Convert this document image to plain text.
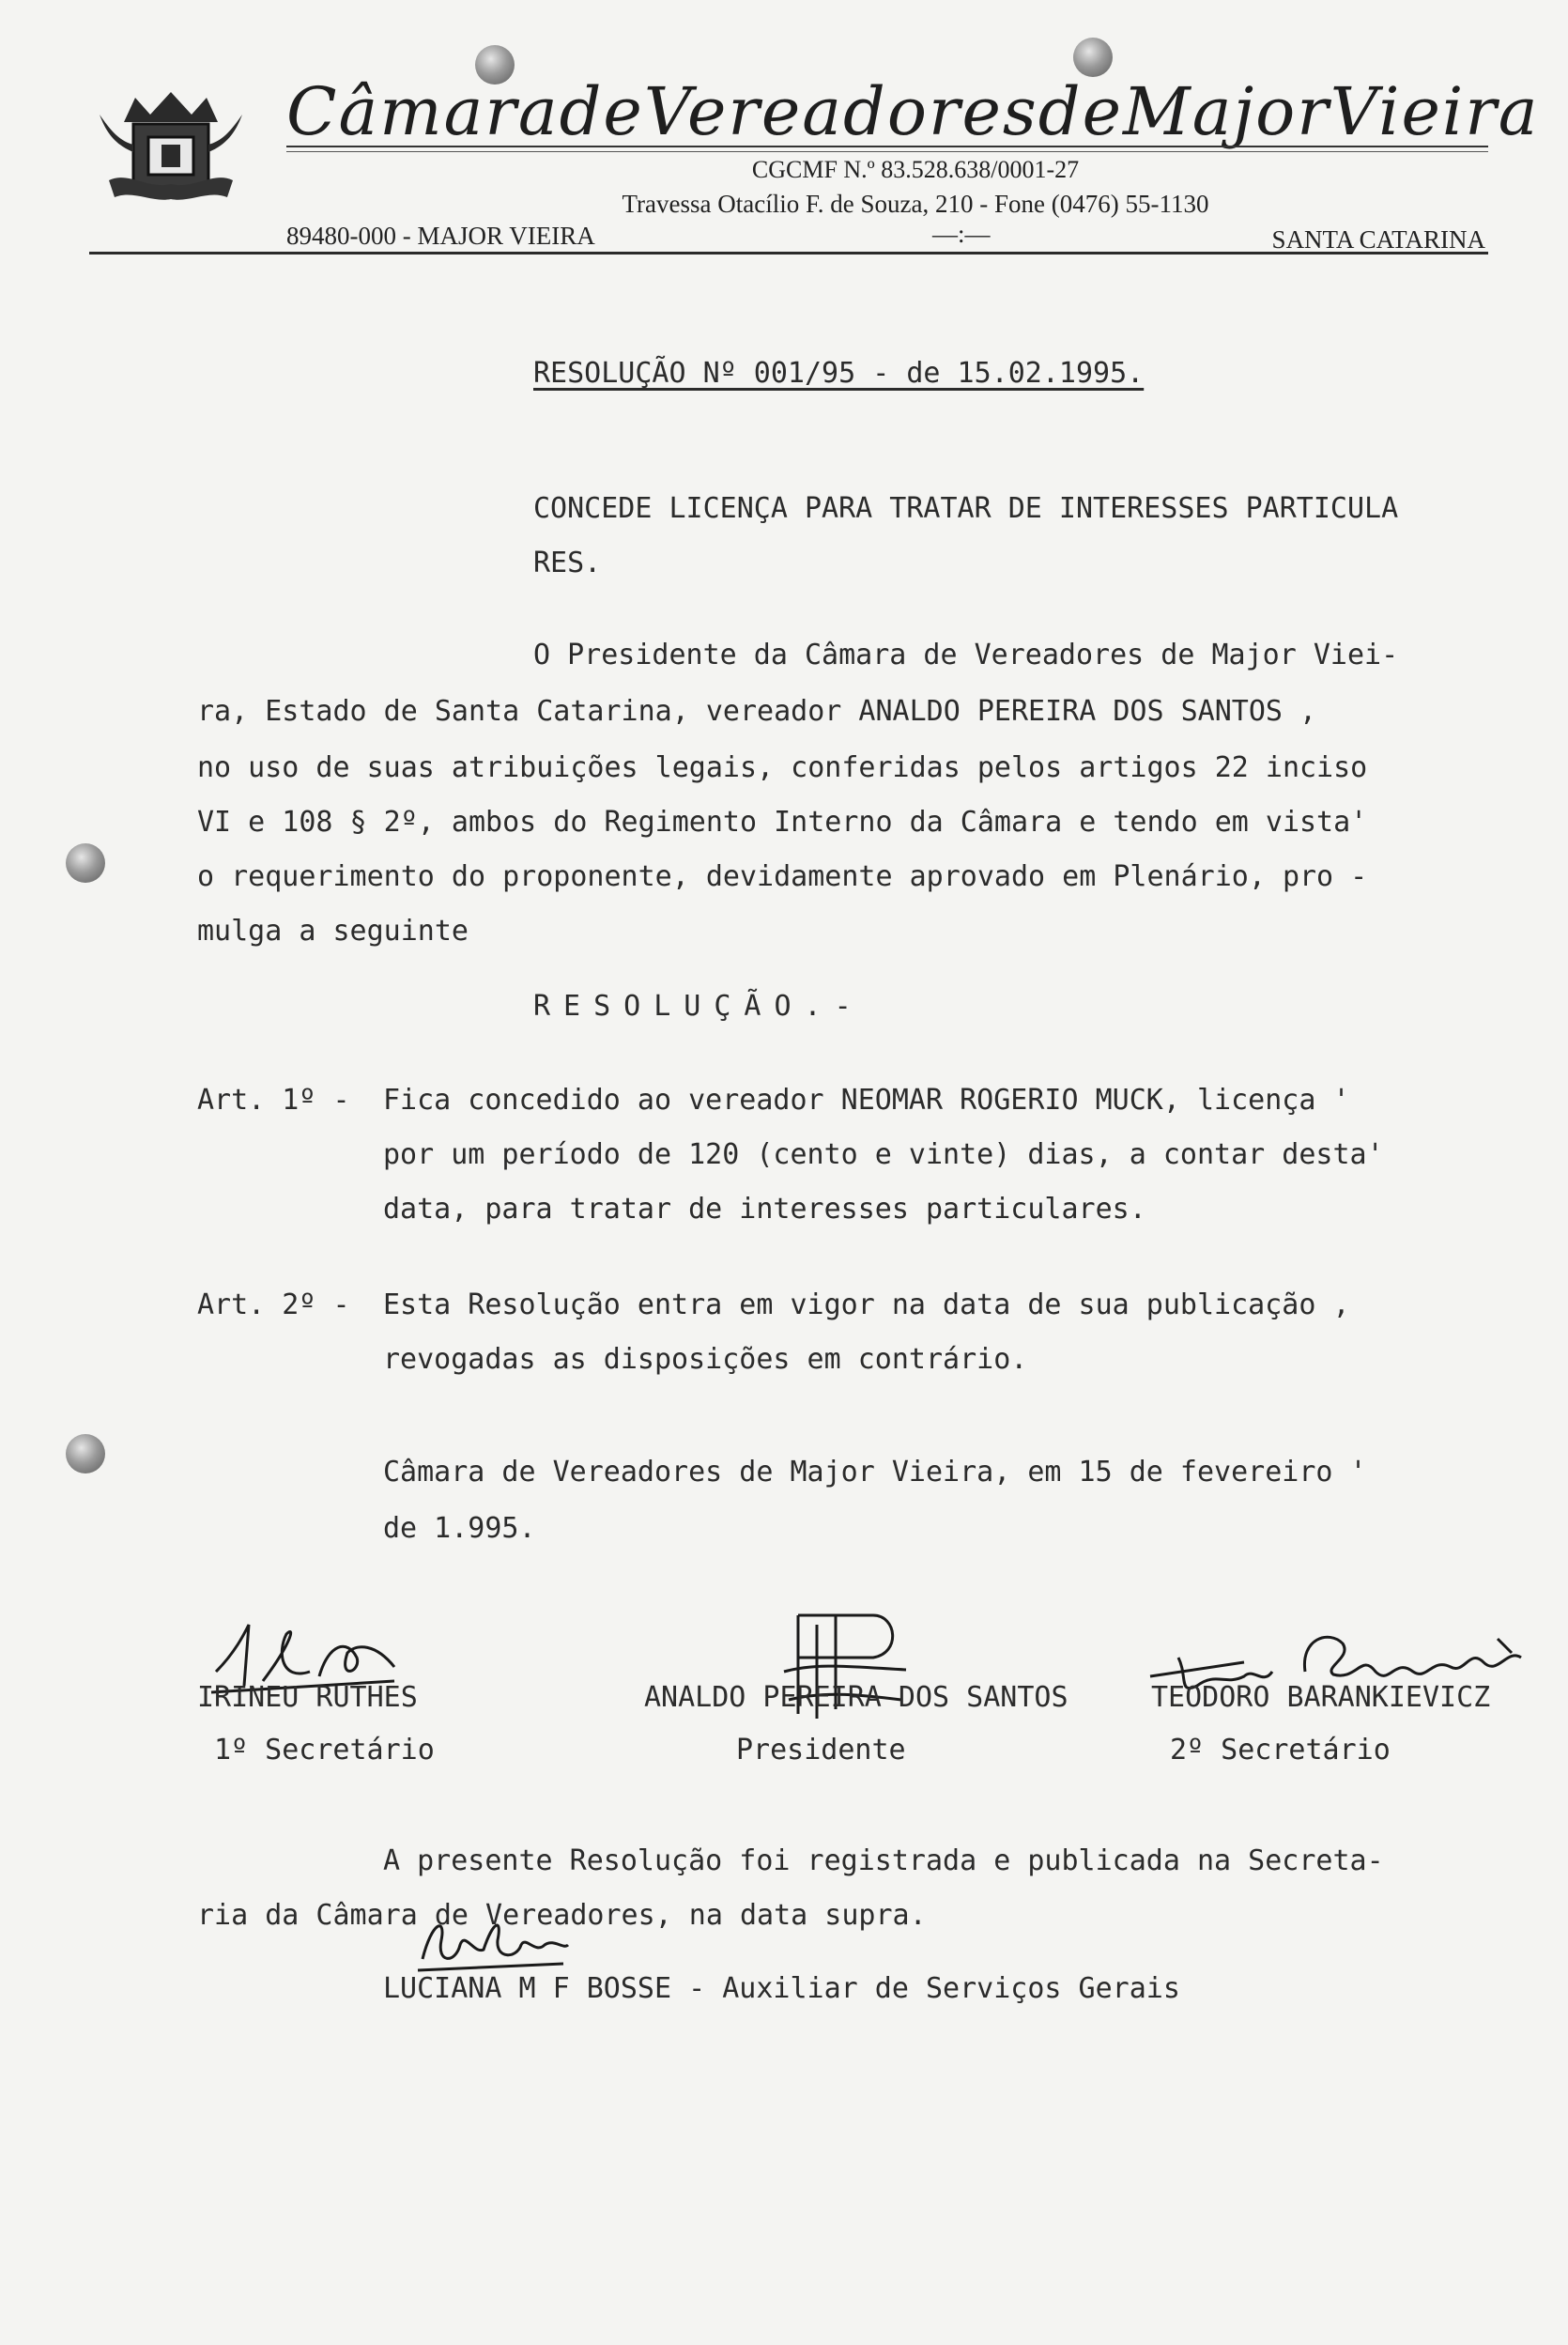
Câmara de Vereadores de Major Vieira
CGCMF N.º 83.528.638/0001-27
Travessa Otacílio F. de Souza, 210 - Fone (0476) 55-1130
89480-000 - MAJOR VIEIRA	—:—	SANTA CATARINA
RESOLUÇÃO Nº 001/95 - de 15.02.1995.
CONCEDE LICENÇA PARA TRATAR DE INTERESSES PARTICULA
RES.
O Presidente da Câmara de Vereadores de Major Viei-
ra, Estado de Santa Catarina, vereador ANALDO PEREIRA DOS SANTOS ,
no uso de suas atribuições legais, conferidas pelos artigos 22 inciso
VI e 108 § 2º, ambos do Regimento Interno da Câmara e tendo em vista'
o requerimento do proponente, devidamente aprovado em Plenário, pro -
mulga a seguinte
RESOLUÇÃO.-
Art. 1º - Fica concedido ao vereador NEOMAR ROGERIO MUCK, licença '
por um período de 120 (cento e vinte) dias, a contar desta'
data, para tratar de interesses particulares.
Art. 2º - Esta Resolução entra em vigor na data de sua publicação ,
revogadas as disposições em contrário.
Câmara de Vereadores de Major Vieira, em 15 de fevereiro '
de 1.995.
IRINEU RUTHES	ANALDO PEREIRA DOS SANTOS	TEODORO BARANKIEVICZ
1º Secretário	Presidente	2º Secretário
A presente Resolução foi registrada e publicada na Secreta-
ria da Câmara de Vereadores, na data supra.
LUCIANA M F BOSSE - Auxiliar de Serviços Gerais
